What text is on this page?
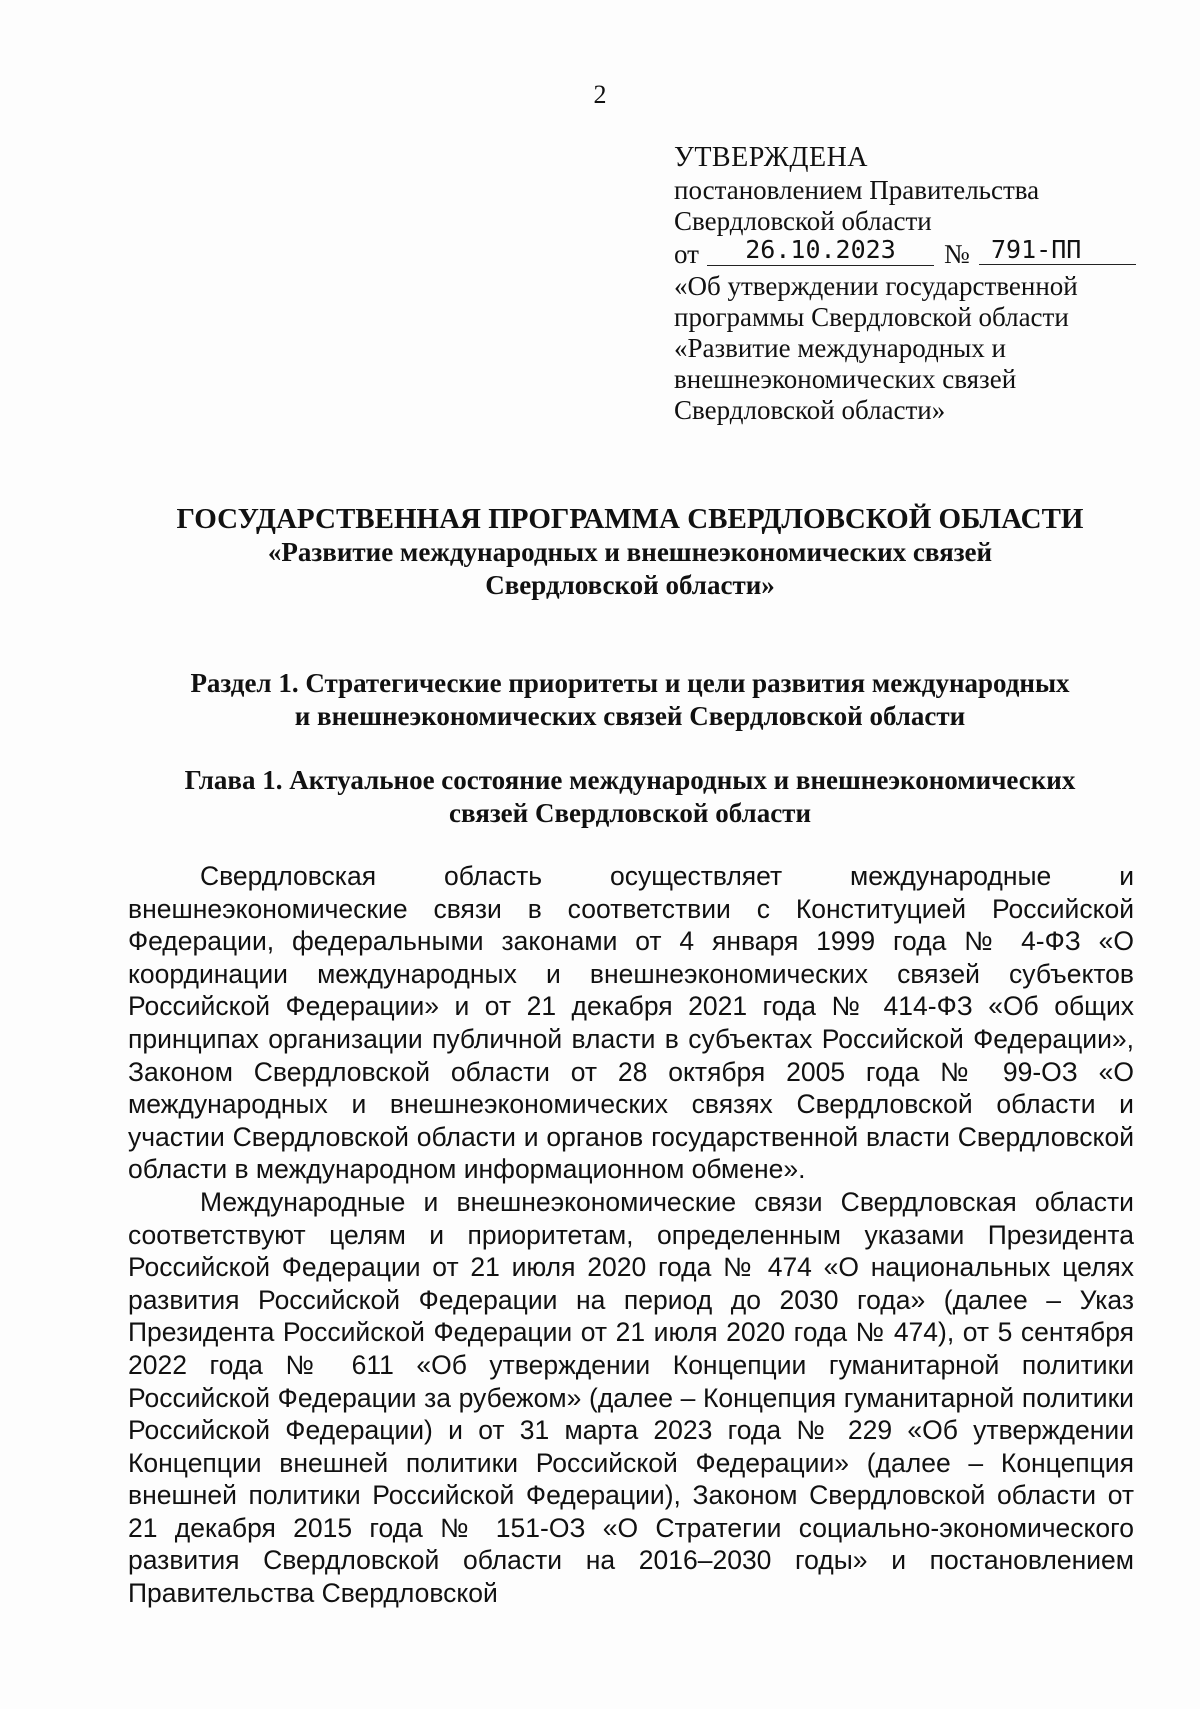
2
УТВЕРЖДЕНА
постановлением Правительства
Свердловской области
от	26.10.2023	№ 791-ПП
«Об утверждении государственной
программы Свердловской области
«Развитие международных и
внешнеэкономических связей
Свердловской области»
ГОСУДАРСТВЕННАЯ ПРОГРАММА СВЕРДЛОВСКОЙ ОБЛАСТИ
«Развитие международных и внешнеэкономических связей
Свердловской области»
Раздел 1. Стратегические приоритеты и цели развития международных
и внешнеэкономических связей Свердловской области
Глава 1. Актуальное состояние международных и внешнеэкономических
связей Свердловской области

Свердловская область осуществляет международные и внешнеэкономические связи в соответствии с Конституцией Российской Федерации, федеральными законами от 4 января 1999 года № 4-ФЗ «О координации международных и внешнеэкономических связей субъектов Российской Федерации» и от 21 декабря 2021 года № 414-ФЗ «Об общих принципах организации публичной власти в субъектах Российской Федерации», Законом Свердловской области от 28 октября 2005 года № 99-ОЗ «О международных и внешнеэкономических связях Свердловской области и участии Свердловской области и органов государственной власти Свердловской области в международном информационном обмене».

Международные и внешнеэкономические связи Свердловская области соответствуют целям и приоритетам, определенным указами Президента Российской Федерации от 21 июля 2020 года № 474 «О национальных целях развития Российской Федерации на период до 2030 года» (далее – Указ Президента Российской Федерации от 21 июля 2020 года № 474), от 5 сентября 2022 года № 611 «Об утверждении Концепции гуманитарной политики Российской Федерации за рубежом» (далее – Концепция гуманитарной политики Российской Федерации) и от 31 марта 2023 года № 229 «Об утверждении Концепции внешней политики Российской Федерации» (далее – Концепция внешней политики Российской Федерации), Законом Свердловской области от 21 декабря 2015 года № 151-ОЗ «О Стратегии социально-экономического развития Свердловской области на 2016–2030 годы» и постановлением Правительства Свердловской
